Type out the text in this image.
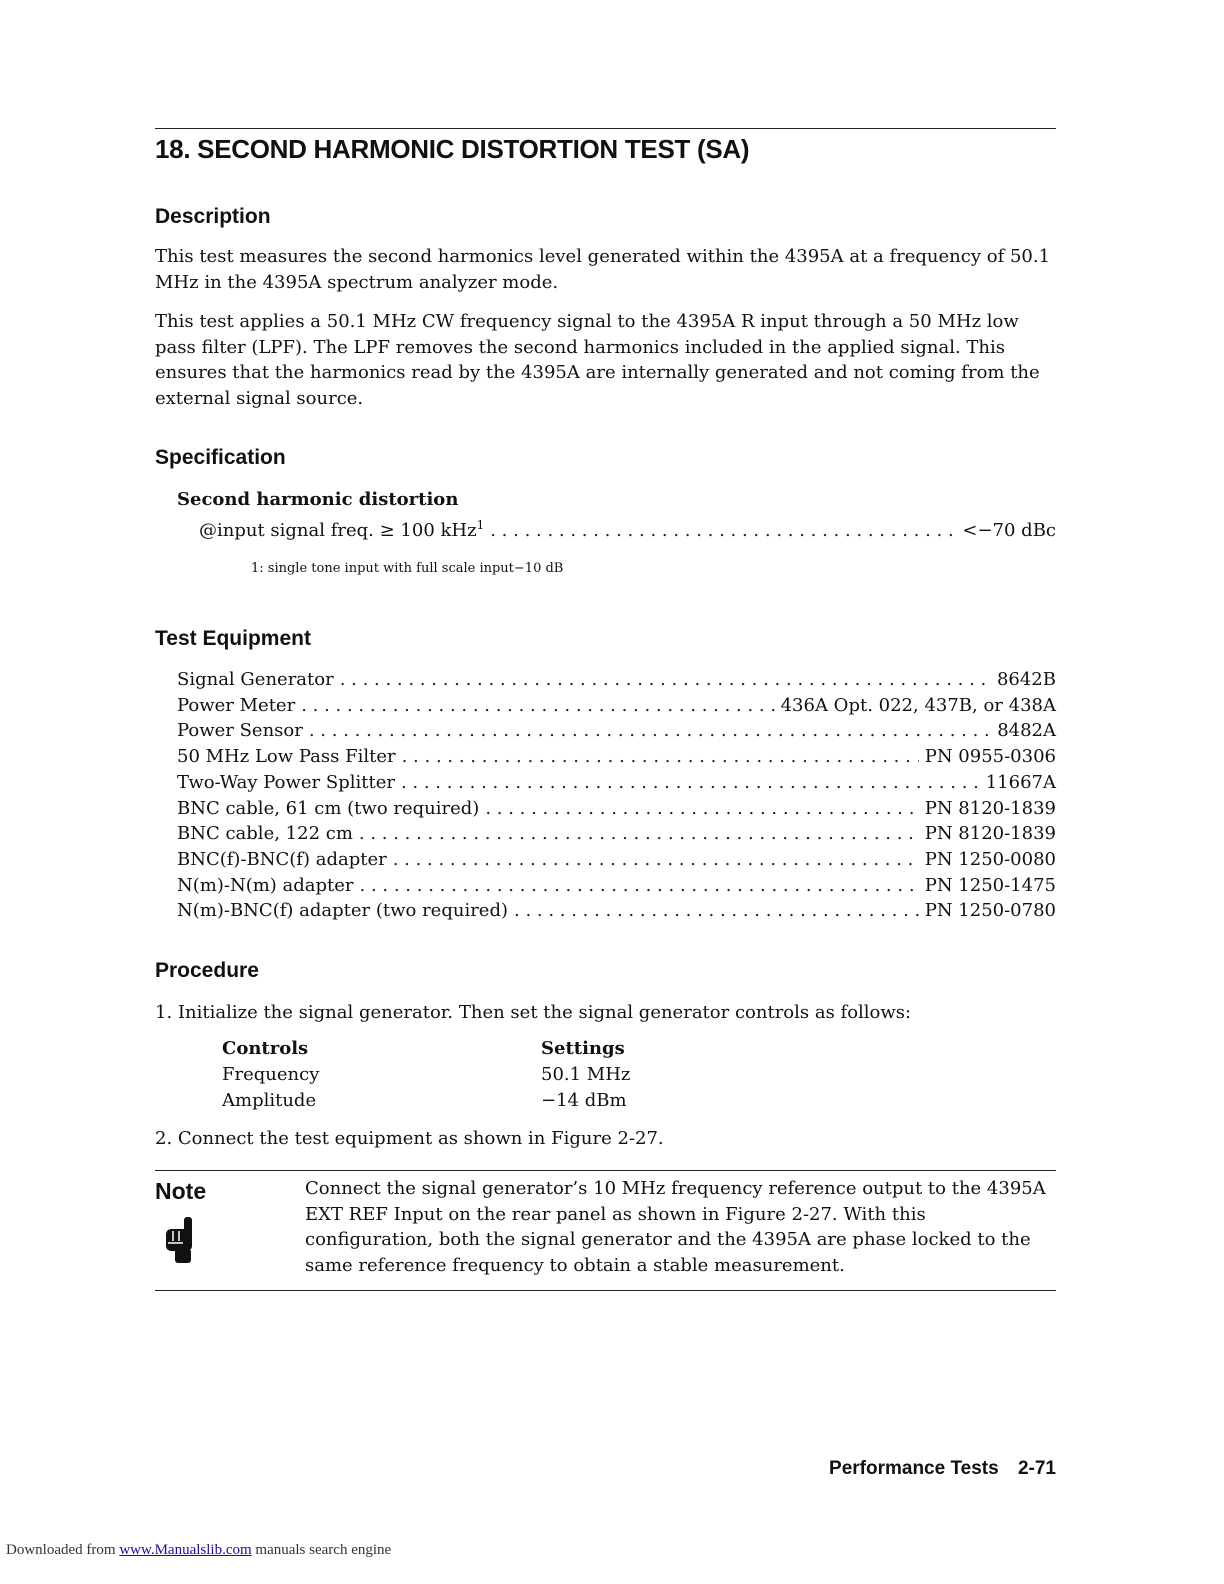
18. SECOND HARMONIC DISTORTION TEST (SA)
Description

This test measures the second harmonics level generated within the 4395A at a frequency of 50.1 MHz in the 4395A spectrum analyzer mode.

This test applies a 50.1 MHz CW frequency signal to the 4395A R input through a 50 MHz low pass filter (LPF). The LPF removes the second harmonics included in the applied signal. This ensures that the harmonics read by the 4395A are internally generated and not coming from the external signal source.

Specification
Second harmonic distortion
@input signal freq. ≥ 100 kHz$^1$ . . .	<−70 dBc
1: single tone input with full scale input−10 dB
Test Equipment
Signal Generator . . .	8642B
Power Meter . . .	436A Opt. 022, 437B, or 438A
Power Sensor . . .	8482A
50 MHz Low Pass Filter . . .	PN 0955-0306
Two-Way Power Splitter . . .	11667A
BNC cable, 61 cm (two required) . . .	PN 8120-1839
BNC cable, 122 cm . . .	PN 8120-1839
BNC(f)-BNC(f) adapter . . .	PN 1250-0080
N(m)-N(m) adapter . . .	PN 1250-1475
N(m)-BNC(f) adapter (two required) . . .	PN 1250-0780
Procedure
1. Initialize the signal generator. Then set the signal generator controls as follows:
Controls	Settings
Frequency	50.1 MHz
Amplitude	−14 dBm
2. Connect the test equipment as shown in Figure 2-27.
Note	Connect the signal generator’s 10 MHz frequency reference output to the 4395A EXT REF Input on the rear panel as shown in Figure 2-27. With this configuration, both the signal generator and the 4395A are phase locked to the same reference frequency to obtain a stable measurement.

Performance Tests 2-71
Downloaded from www.Manualslib.com manuals search engine
